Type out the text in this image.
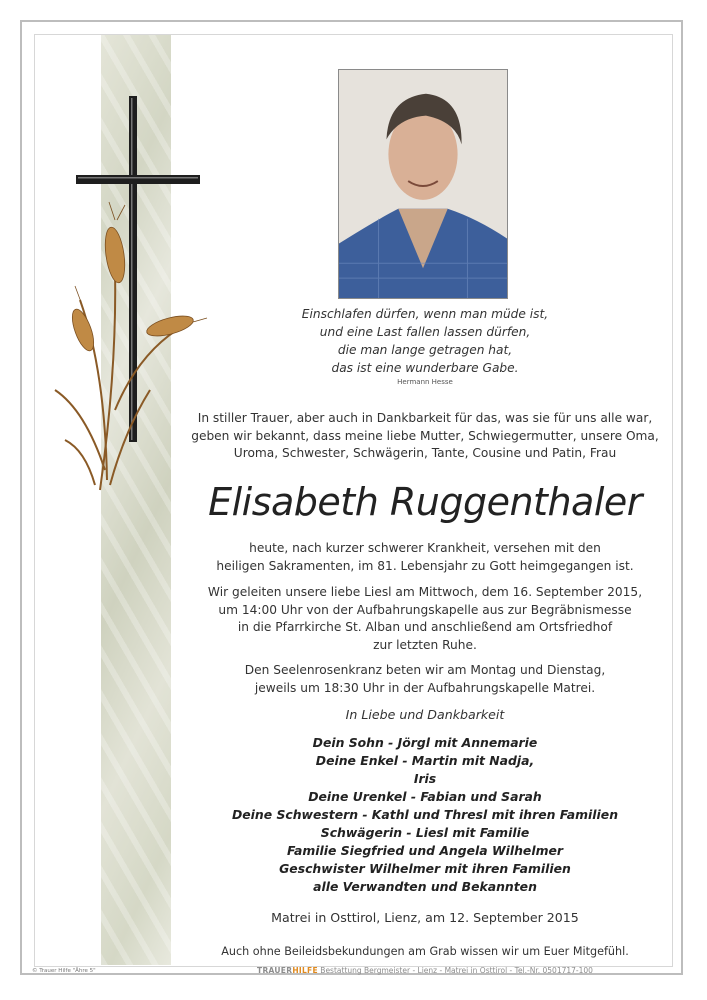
Einschlafen dürfen, wenn man müde ist,
und eine Last fallen lassen dürfen,
die man lange getragen hat,
das ist eine wunderbare Gabe.
Hermann Hesse
In stiller Trauer, aber auch in Dankbarkeit für das, was sie für uns alle war,
geben wir bekannt, dass meine liebe Mutter, Schwiegermutter, unsere Oma,
Uroma, Schwester, Schwägerin, Tante, Cousine und Patin, Frau
Elisabeth Ruggenthaler
heute, nach kurzer schwerer Krankheit, versehen mit den
heiligen Sakramenten, im 81. Lebensjahr zu Gott heimgegangen ist.
Wir geleiten unsere liebe Liesl am Mittwoch, dem 16. September 2015,
um 14:00 Uhr von der Aufbahrungskapelle aus zur Begräbnismesse
in die Pfarrkirche St. Alban und anschließend am Ortsfriedhof
zur letzten Ruhe.
Den Seelenrosenkranz beten wir am Montag und Dienstag,
jeweils um 18:30 Uhr in der Aufbahrungskapelle Matrei.
In Liebe und Dankbarkeit
Dein Sohn - Jörgl mit Annemarie
Deine Enkel - Martin mit Nadja,
Iris
Deine Urenkel - Fabian und Sarah
Deine Schwestern - Kathl und Thresl mit ihren Familien
Schwägerin - Liesl mit Familie
Familie Siegfried und Angela Wilhelmer
Geschwister Wilhelmer mit ihren Familien
alle Verwandten und Bekannten
Matrei in Osttirol, Lienz, am 12. September 2015
Auch ohne Beileidsbekundungen am Grab wissen wir um Euer Mitgefühl.
© Trauer Hilfe "Ähre 5"	TRAUERHILFE Bestattung Bergmeister - Lienz - Matrei in Osttirol - Tel.-Nr. 0501717-100
